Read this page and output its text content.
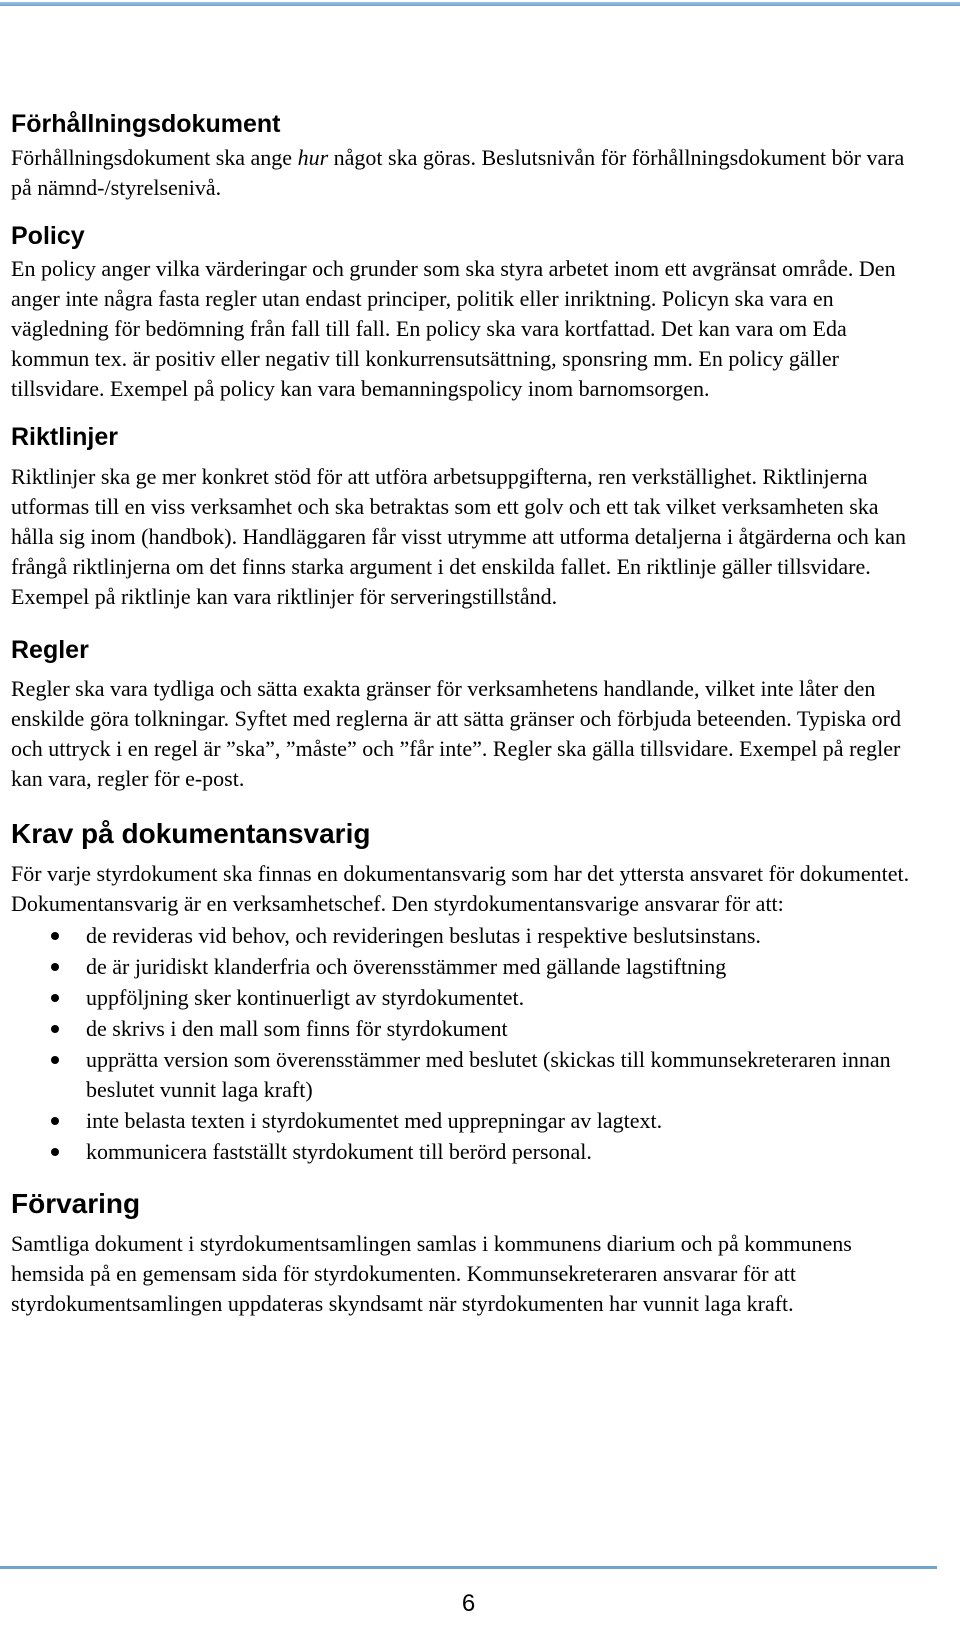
Förhållningsdokument

Förhållningsdokument ska ange hur något ska göras. Beslutsnivån för förhållningsdokument bör vara på nämnd-/styrelsenivå.

Policy

En policy anger vilka värderingar och grunder som ska styra arbetet inom ett avgränsat område. Den anger inte några fasta regler utan endast principer, politik eller inriktning. Policyn ska vara en vägledning för bedömning från fall till fall. En policy ska vara kortfattad. Det kan vara om Eda kommun tex. är positiv eller negativ till konkurrensutsättning, sponsring mm. En policy gäller tillsvidare. Exempel på policy kan vara bemanningspolicy inom barnomsorgen.

Riktlinjer

Riktlinjer ska ge mer konkret stöd för att utföra arbetsuppgifterna, ren verkställighet. Riktlinjerna utformas till en viss verksamhet och ska betraktas som ett golv och ett tak vilket verksamheten ska hålla sig inom (handbok). Handläggaren får visst utrymme att utforma detaljerna i åtgärderna och kan frångå riktlinjerna om det finns starka argument i det enskilda fallet. En riktlinje gäller tillsvidare. Exempel på riktlinje kan vara riktlinjer för serveringstillstånd.

Regler

Regler ska vara tydliga och sätta exakta gränser för verksamhetens handlande, vilket inte låter den enskilde göra tolkningar. Syftet med reglerna är att sätta gränser och förbjuda beteenden. Typiska ord och uttryck i en regel är ”ska”, ”måste” och ”får inte”. Regler ska gälla tillsvidare. Exempel på regler kan vara, regler för e-post.

Krav på dokumentansvarig

För varje styrdokument ska finnas en dokumentansvarig som har det yttersta ansvaret för dokumentet. Dokumentansvarig är en verksamhetschef. Den styrdokumentansvarige ansvarar för att:

de revideras vid behov, och revideringen beslutas i respektive beslutsinstans.
de är juridiskt klanderfria och överensstämmer med gällande lagstiftning
uppföljning sker kontinuerligt av styrdokumentet.
de skrivs i den mall som finns för styrdokument
upprätta version som överensstämmer med beslutet (skickas till kommunsekreteraren innan beslutet vunnit laga kraft)
inte belasta texten i styrdokumentet med upprepningar av lagtext.
kommunicera fastställt styrdokument till berörd personal.
Förvaring

Samtliga dokument i styrdokumentsamlingen samlas i kommunens diarium och på kommunens hemsida på en gemensam sida för styrdokumenten. Kommunsekreteraren ansvarar för att styrdokumentsamlingen uppdateras skyndsamt när styrdokumenten har vunnit laga kraft.

6
